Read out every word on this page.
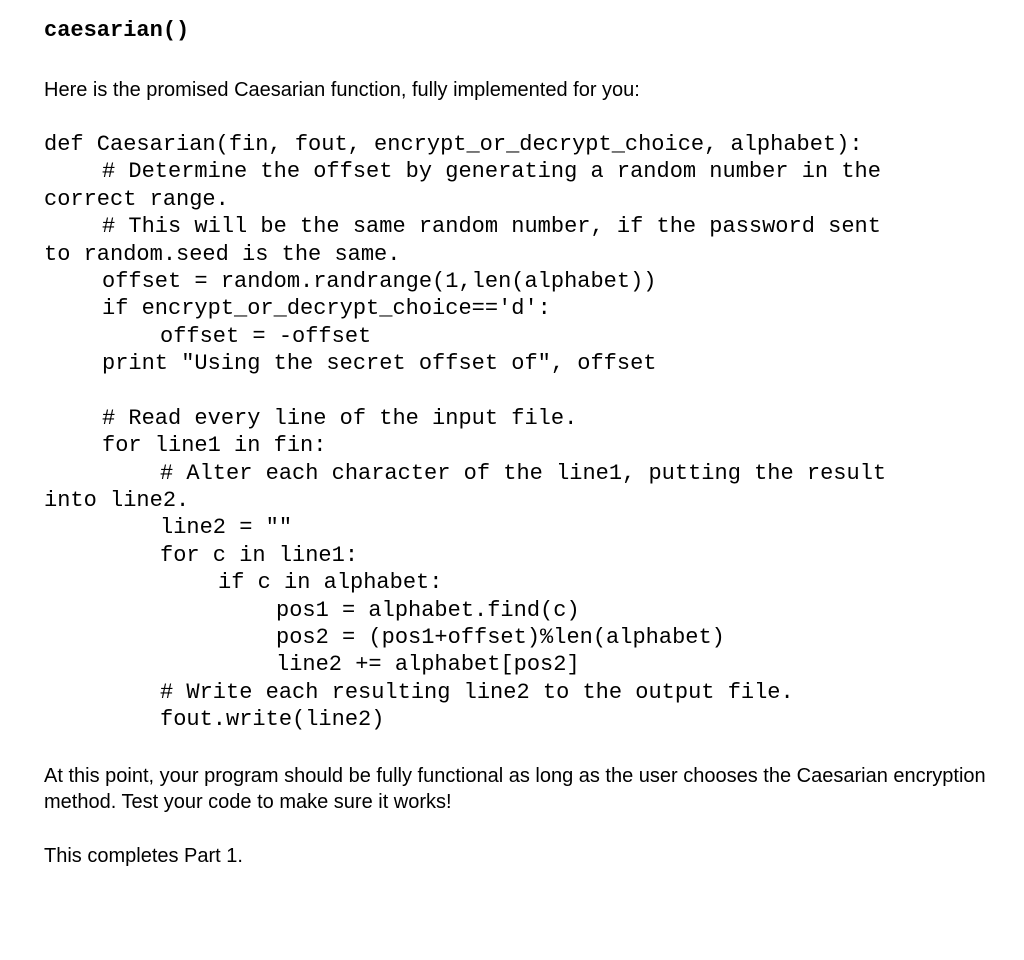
caesarian()

Here is the promised Caesarian function, fully implemented for you:

def Caesarian(fin, fout, encrypt_or_decrypt_choice, alphabet):
# Determine the offset by generating a random number in the
correct range.
# This will be the same random number, if the password sent
to random.seed is the same.
offset = random.randrange(1,len(alphabet))
if encrypt_or_decrypt_choice=='d':
offset = -offset
print "Using the secret offset of", offset
# Read every line of the input file.
for line1 in fin:
# Alter each character of the line1, putting the result
into line2.
line2 = ""
for c in line1:
if c in alphabet:
pos1 = alphabet.find(c)
pos2 = (pos1+offset)%len(alphabet)
line2 += alphabet[pos2]
# Write each resulting line2 to the output file.
fout.write(line2)

At this point, your program should be fully functional as long as the user chooses the Caesarian encryption method. Test your code to make sure it works!

This completes Part 1.
